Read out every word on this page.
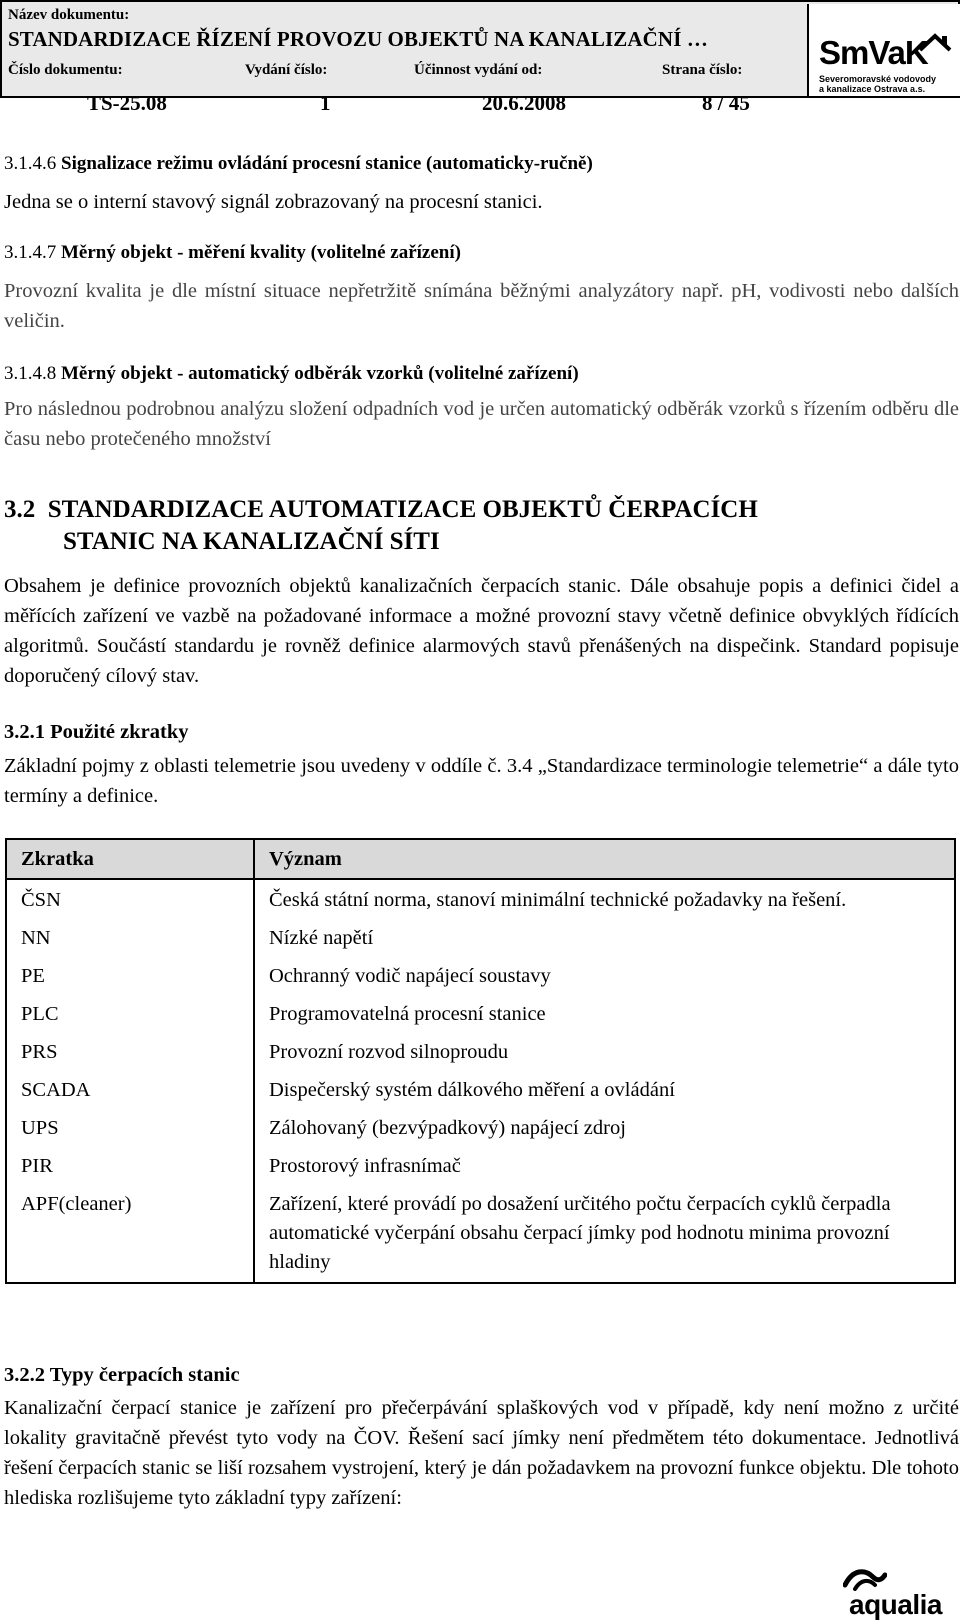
Název dokumentu:
STANDARDIZACE ŘÍZENÍ PROVOZU OBJEKTŮ NA KANALIZAČNÍ …
Číslo dokumentu:	Vydání číslo:	Účinnost vydání od:	Strana číslo:
TS-25.08	1	20.6.2008	8 / 45
SmVaK
Severomoravské vodovody
a kanalizace Ostrava a.s.

3.1.4.6 Signalizace režimu ovládání procesní stanice (automaticky-ručně)

Jedna se o interní stavový signál zobrazovaný na procesní stanici.

3.1.4.7 Měrný objekt - měření kvality (volitelné zařízení)

Provozní kvalita je dle místní situace nepřetržitě snímána běžnými analyzátory např. pH, vodivosti nebo dalších veličin.

3.1.4.8 Měrný objekt - automatický odběrák vzorků (volitelné zařízení)

Pro následnou podrobnou analýzu složení odpadních vod je určen automatický odběrák vzorků s řízením odběru dle času nebo protečeného množství

3.2 STANDARDIZACE AUTOMATIZACE OBJEKTŮ ČERPACÍCH
STANIC NA KANALIZAČNÍ SÍTI

Obsahem je definice provozních objektů kanalizačních čerpacích stanic. Dále obsahuje popis a definici čidel a měřících zařízení ve vazbě na požadované informace a možné provozní stavy včetně definice obvyklých řídících algoritmů. Součástí standardu je rovněž definice alarmových stavů přenášených na dispečink. Standard popisuje doporučený cílový stav.

3.2.1 Použité zkratky

Základní pojmy z oblasti telemetrie jsou uvedeny v oddíle č. 3.4 „Standardizace terminologie telemetrie“ a dále tyto termíny a definice.

Zkratka	Význam
ČSN	Česká státní norma, stanoví minimální technické požadavky na řešení.
NN	Nízké napětí
PE	Ochranný vodič napájecí soustavy
PLC	Programovatelná procesní stanice
PRS	Provozní rozvod silnoproudu
SCADA	Dispečerský systém dálkového měření a ovládání
UPS	Zálohovaný (bezvýpadkový) napájecí zdroj
PIR	Prostorový infrasnímač
APF(cleaner)	Zařízení, které provádí po dosažení určitého počtu čerpacích cyklů čerpadla automatické vyčerpání obsahu čerpací jímky pod hodnotu minima provozní hladiny
3.2.2 Typy čerpacích stanic

Kanalizační čerpací stanice je zařízení pro přečerpávání splaškových vod v případě, kdy není možno z určité lokality gravitačně převést tyto vody na ČOV. Řešení sací jímky není předmětem této dokumentace. Jednotlivá řešení čerpacích stanic se liší rozsahem vystrojení, který je dán požadavkem na provozní funkce objektu. Dle tohoto hlediska rozlišujeme tyto základní typy zařízení:

aqualia
